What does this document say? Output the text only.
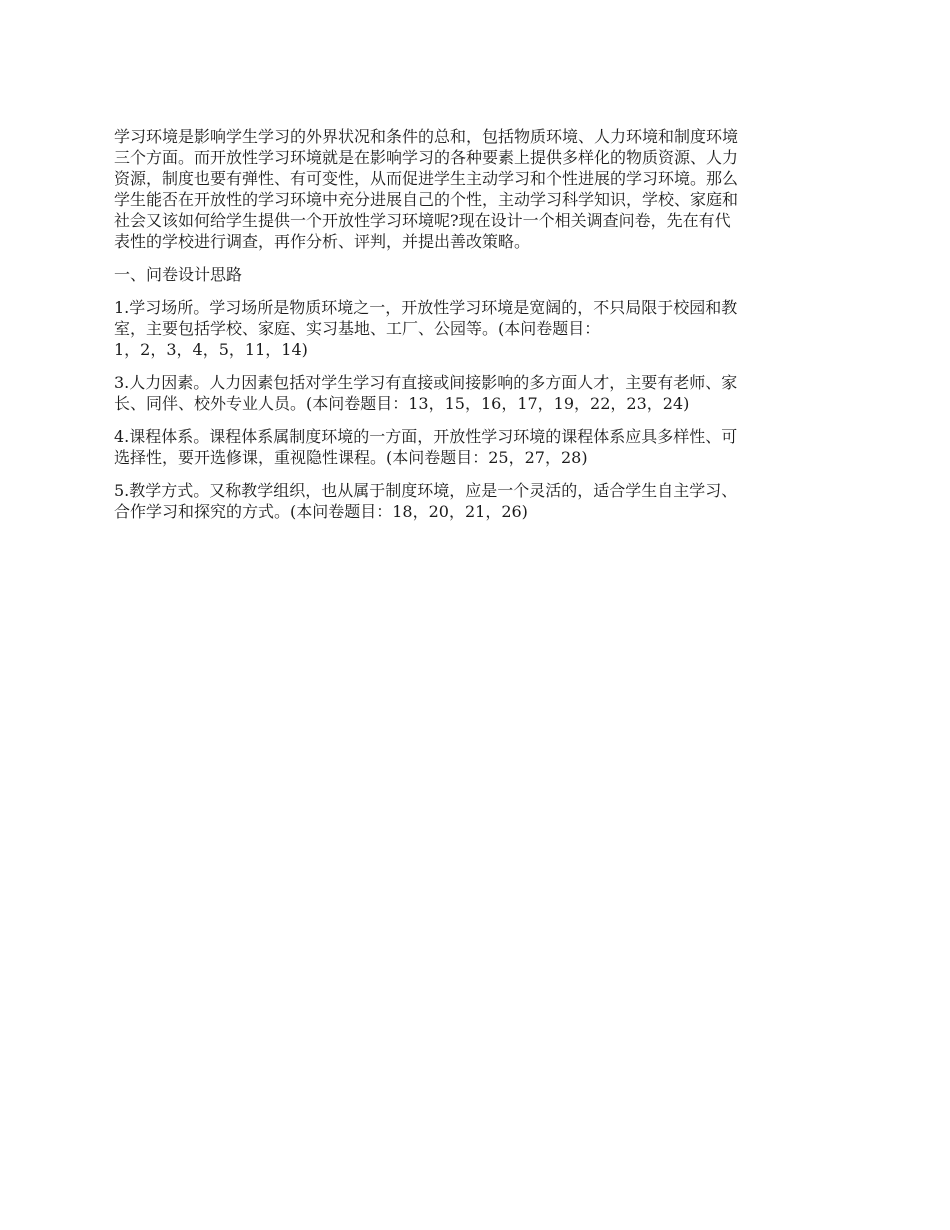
学习环境是影响学生学习的外界状况和条件的总和，包括物质环境、人力环境和制度环境
三个方面。而开放性学习环境就是在影响学习的各种要素上提供多样化的物质资源、人力
资源，制度也要有弹性、有可变性，从而促进学生主动学习和个性进展的学习环境。那么
学生能否在开放性的学习环境中充分进展自己的个性，主动学习科学知识，学校、家庭和
社会又该如何给学生提供一个开放性学习环境呢?现在设计一个相关调查问卷，先在有代
表性的学校进行调查，再作分析、评判，并提出善改策略。

一、问卷设计思路

1.学习场所。学习场所是物质环境之一，开放性学习环境是宽阔的，不只局限于校园和教
室，主要包括学校、家庭、实习基地、工厂、公园等。(本问卷题目：
1，2，3，4，5，11，14)

3.人力因素。人力因素包括对学生学习有直接或间接影响的多方面人才，主要有老师、家
长、同伴、校外专业人员。(本问卷题目：13，15，16，17，19，22，23，24)

4.课程体系。课程体系属制度环境的一方面，开放性学习环境的课程体系应具多样性、可
选择性，要开选修课，重视隐性课程。(本问卷题目：25，27，28)

5.教学方式。又称教学组织，也从属于制度环境，应是一个灵活的，适合学生自主学习、
合作学习和探究的方式。(本问卷题目：18，20，21，26)
